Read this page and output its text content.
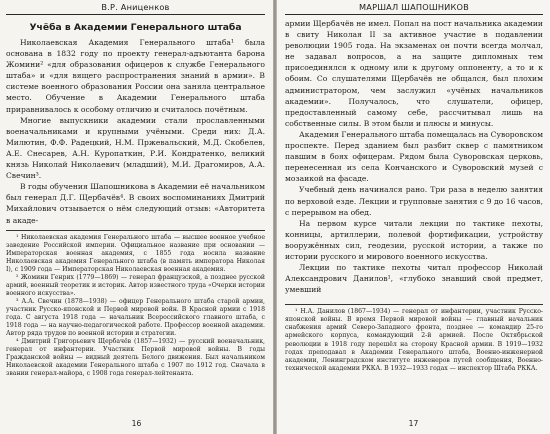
В.Р. Аниценков
Учёба в Академии Генерального штаба

Николаевская Академия Генерального штаба¹ была основана в 1832 году по проекту генерал-адъютанта барона Жомини² «для образования офицеров к службе Генерального штаба» и «для вящего распространения знаний в армии». В системе военного образования России она заняла центральное место. Обучение в Академии Генерального штаба приравнивалось к особому отличию и считалось почётным.

Многие выпускники академии стали прославленными военачальниками и крупными учёными. Среди них: Д.А. Милютин, Ф.Ф. Радецкий, Н.М. Пржевальский, М.Д. Скобелев, А.Е. Снесарев, А.Н. Куропаткин, Р.И. Кондратенко, великий князь Николай Николаевич (младший), М.И. Драгомиров, А.А. Свечин³.

В годы обучения Шапошникова в Академии её начальником был генерал Д.Г. Щербачёв⁴. В своих воспоминаниях Дмитрий Михайлович отзывается о нём следующий отзыв: «Авторитета в акаде-

¹ Николаевская академия Генерального штаба — высшее военное учебное заведение Российской империи. Официальное название при основании — Императорская военная академия, с 1855 года носила название Николаевская академия Генерального штаба (в память императора Николая I), с 1909 года — Императорская Николаевская военная академия.

² Жомини Генрих (1779—1869) — генерал французской, а позднее русской армий, военный теоретик и историк. Автор известного труда «Очерки истории военного искусства».

³ А.А. Свечин (1878—1938) — офицер Генерального штаба старой армии, участник Русско-японской и Первой мировой войн. В Красной армии с 1918 года. С августа 1918 года — начальник Всероссийского главного штаба, с 1918 года — на научно-педагогической работе. Профессор военной академии. Автор ряда трудов по военной истории и стратегии.

⁴ Дмитрий Григорьевич Щербачёв (1857—1932) — русский военачальник, генерал от инфантерии. Участник Первой мировой войны. В годы Гражданской войны — видный деятель Белого движения. Был начальником Николаевской академии Генерального штаба с 1907 по 1912 год. Сначала в звании генерал-майора, с 1908 года генерал-лейтенанта.

16
МАРШАЛ ШАПОШНИКОВ

армии Щербачёв не имел. Попал на пост начальника академии в свиту Николая II за активное участие в подавлении революции 1905 года. На экзаменах он почти всегда молчал, не задавал вопросов, а на защите дипломных тем присоединялся к одному или к другому оппоненту, а то и к обоим. Со слушателями Щербачёв не общался, был плохим администратором, чем заслужил «учёных начальников академии». Получалось, что слушатели, офицер, предоставленный самому себе, рассчитывал лишь на собственные силы. В этом были и плюсы и минусы.

Академия Генерального штаба помещалась на Суворовском проспекте. Перед зданием был разбит сквер с памятником павшим в боях офицерам. Рядом была Суворовская церковь, перенесенная из села Кончанского и Суворовский музей с мозаикой на фасаде.

Учебный день начинался рано. Три раза в неделю занятия по верховой езде. Лекции и групповые занятия с 9 до 16 часов, с перерывом на обед.

На первом курсе читали лекции по тактике пехоты, конницы, артиллерии, полевой фортификации, устройству вооружённых сил, геодезии, русской истории, а также по истории русского и мирового военного искусства.

Лекции по тактике пехоты читал профессор Николай Александрович Данилов¹, «глубоко знавший свой предмет, умевший

¹ Н.А. Данилов (1867—1934) — генерал от инфантерии, участник Русско-японской войны. В время Первой мировой войны — главный начальник снабжения армий Северо-Западного фронта, позднее — командир 25-го армейского корпуса, командующий 2-й армией. После Октябрьской революции в 1918 году перешёл на сторону Красной армии. В 1919—1932 годах преподавал в Академии Генерального штаба, Военно-инженерной академии, Ленинградском институте инженеров путей сообщения, Военно-технической академии РККА. В 1932—1933 годах — инспектор Штаба РККА.

17
